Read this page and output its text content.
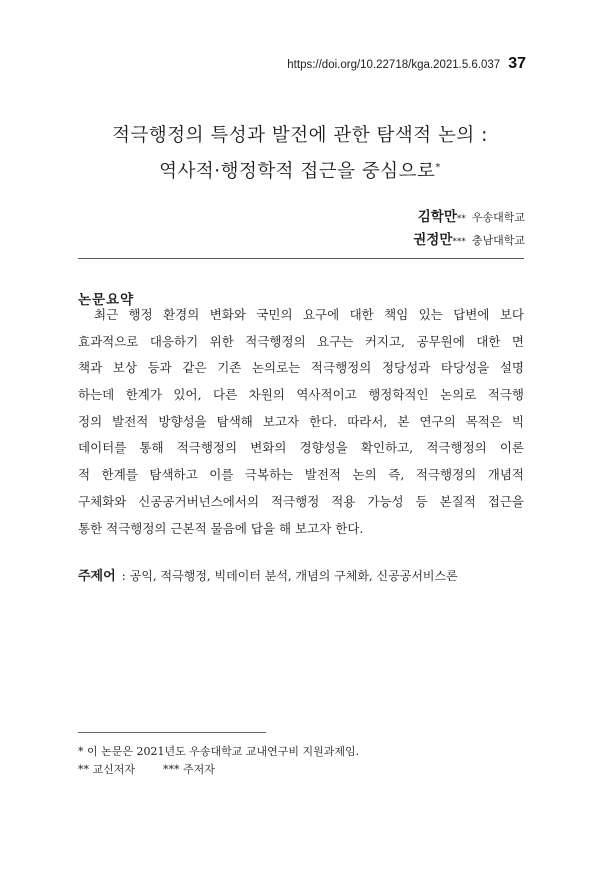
https://doi.org/10.22718/kga.2021.5.6.037 37
적극행정의 특성과 발전에 관한 탐색적 논의 :
역사적·행정학적 접근을 중심으로*
김학만** 우송대학교
권정만*** 충남대학교
논문요약
최근 행정 환경의 변화와 국민의 요구에 대한 책임 있는 답변에 보다
효과적으로 대응하기 위한 적극행정의 요구는 커지고, 공무원에 대한 면
책과 보상 등과 같은 기존 논의로는 적극행정의 정당성과 타당성을 설명
하는데 한계가 있어, 다른 차원의 역사적이고 행정학적인 논의로 적극행
정의 발전적 방향성을 탐색해 보고자 한다. 따라서, 본 연구의 목적은 빅
데이터를 통해 적극행정의 변화의 경향성을 확인하고, 적극행정의 이론
적 한계를 탐색하고 이를 극복하는 발전적 논의 즉, 적극행정의 개념적
구체화와 신공공거버넌스에서의 적극행정 적용 가능성 등 본질적 접근을
통한 적극행정의 근본적 물음에 답을 해 보고자 한다.
주제어 : 공익, 적극행정, 빅데이터 분석, 개념의 구체화, 신공공서비스론
* 이 논문은 2021년도 우송대학교 교내연구비 지원과제임.
** 교신저자	*** 주저자
